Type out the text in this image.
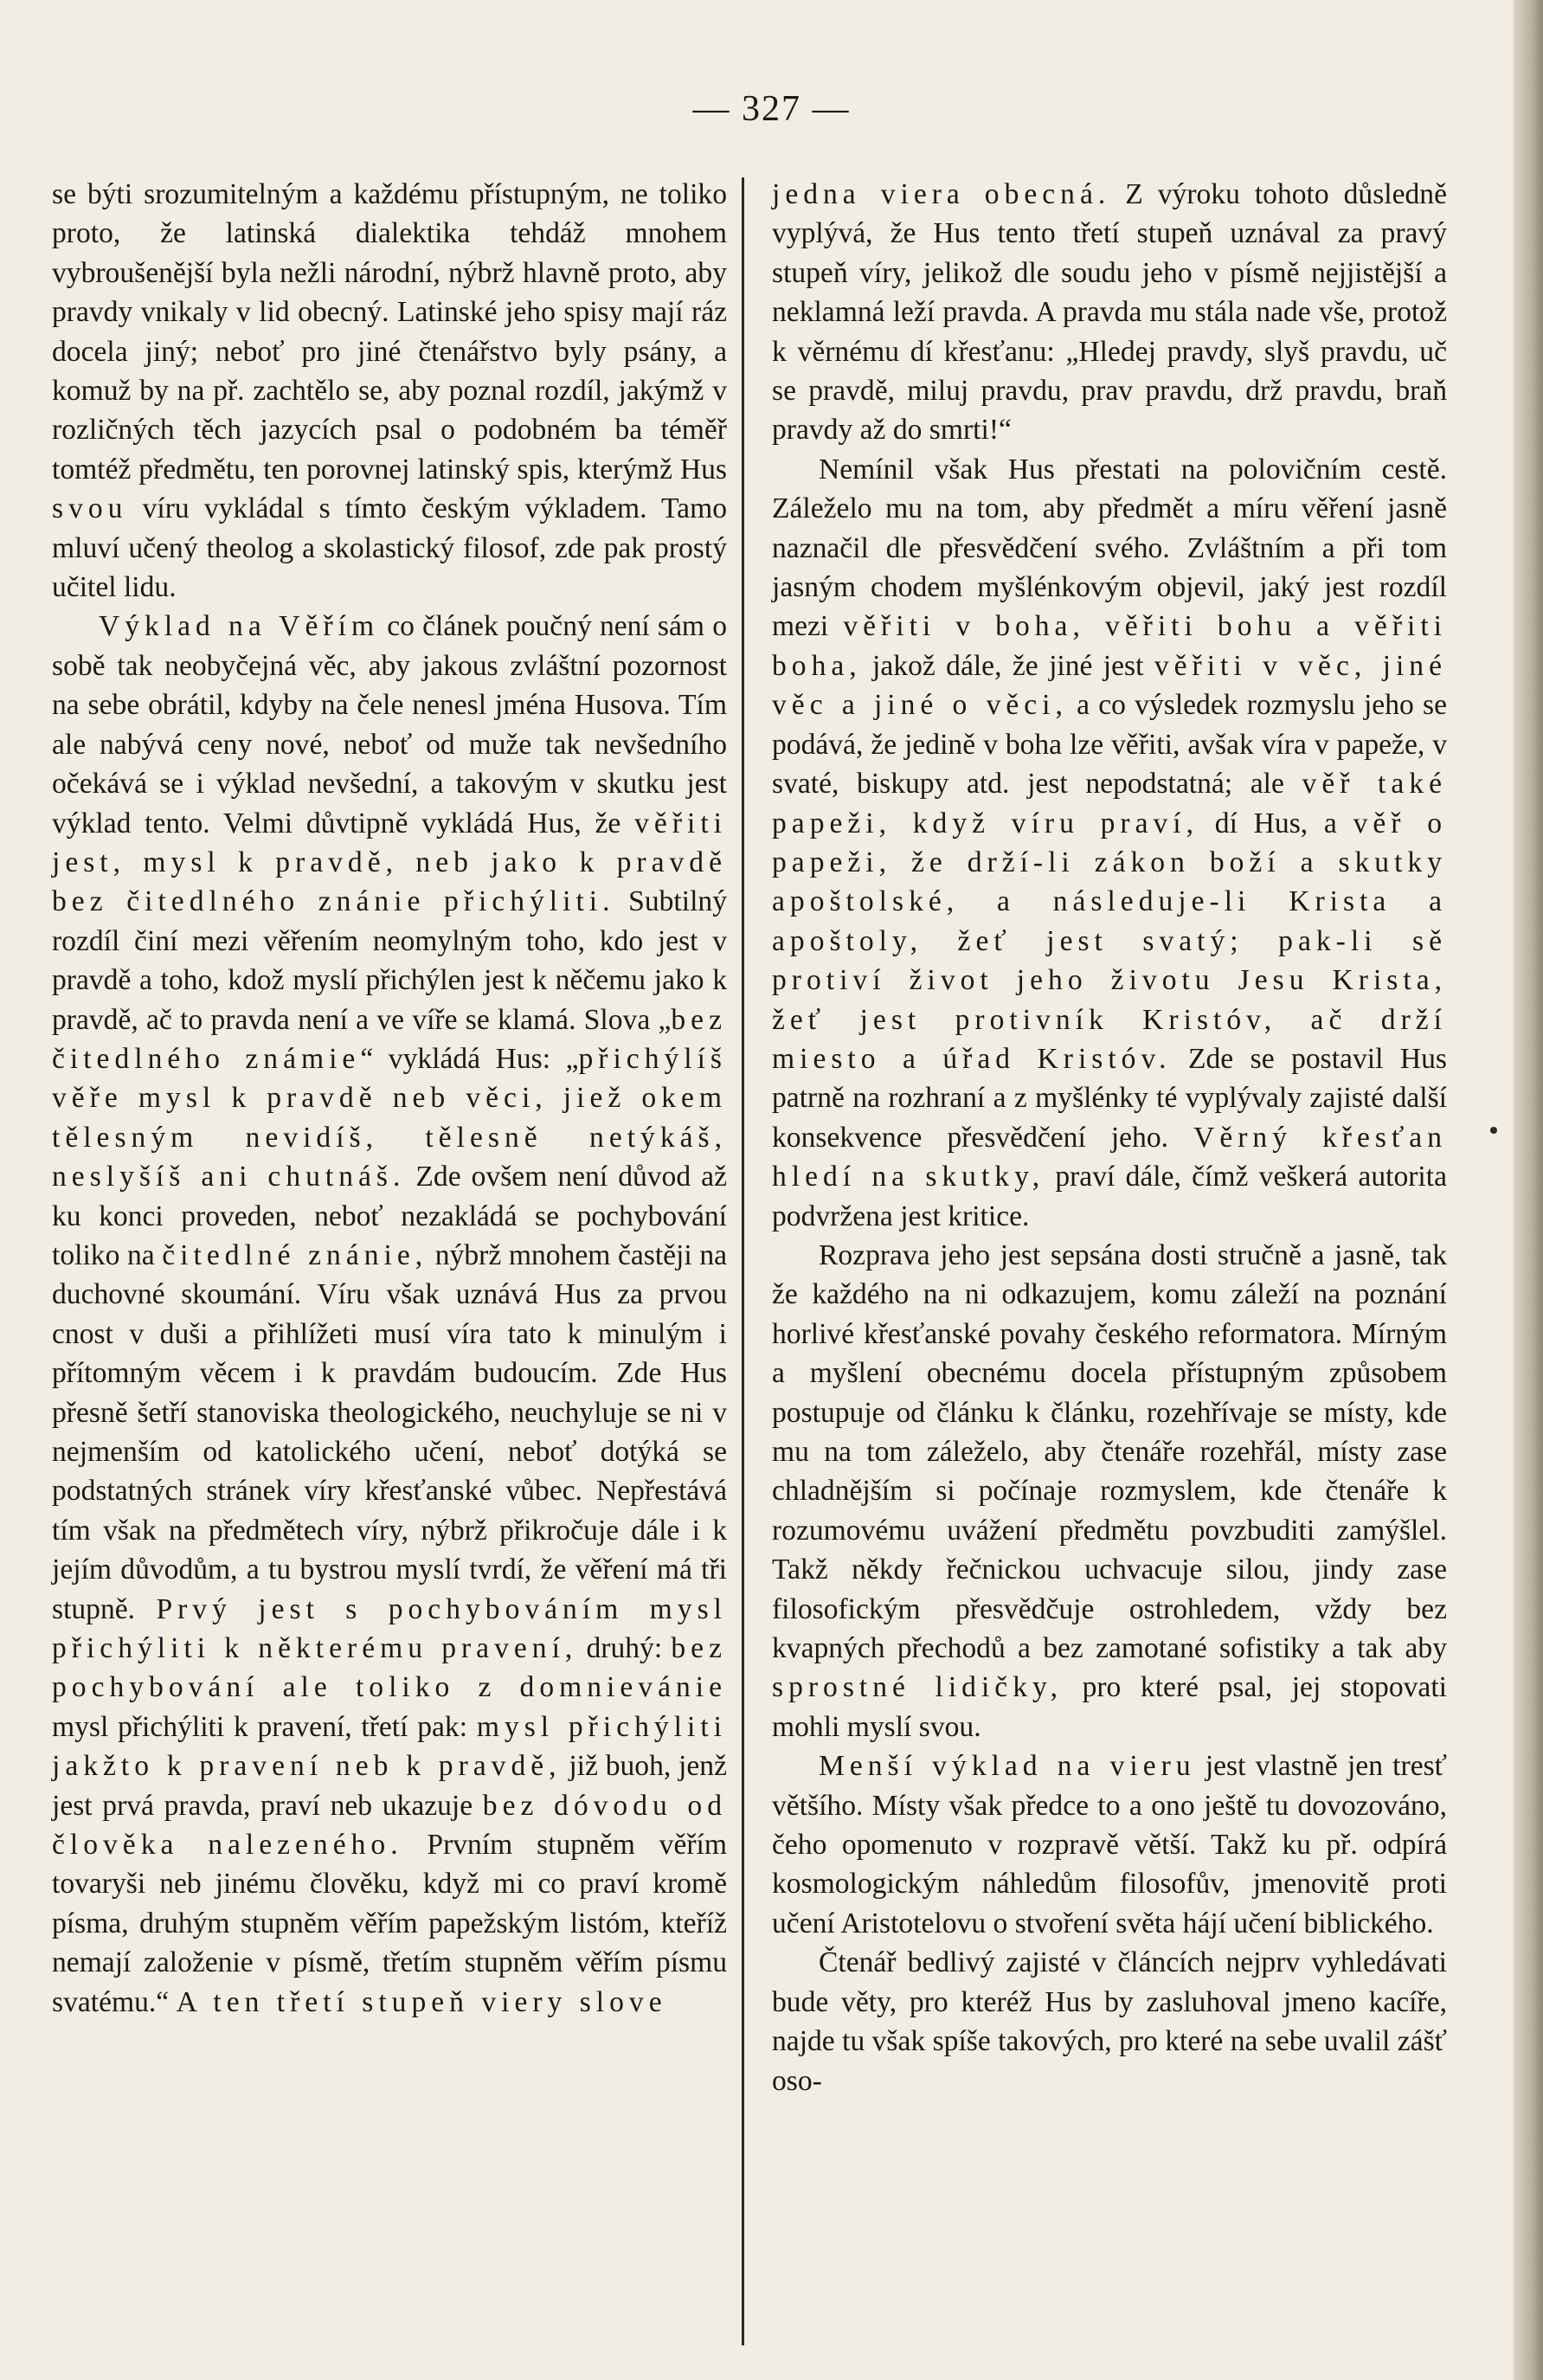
— 327 —

se býti srozumitelným a každému přístupným, ne toliko proto, že latinská dialektika tehdáž mnohem vybroušenější byla nežli národní, nýbrž hlavně proto, aby pravdy vnikaly v lid obecný. Latinské jeho spisy mají ráz docela jiný; neboť pro jiné čtenářstvo byly psány, a komuž by na př. zachtělo se, aby poznal rozdíl, jakýmž v rozličných těch jazycích psal o podobném ba téměř tomtéž předmětu, ten porovnej latinský spis, kterýmž Hus svou víru vykládal s tímto českým výkladem. Tamo mluví učený theolog a skolastický filosof, zde pak prostý učitel lidu.

Výklad na Věřím co článek poučný není sám o sobě tak neobyčejná věc, aby jakous zvláštní pozornost na sebe obrátil, kdyby na čele nenesl jména Husova. Tím ale nabývá ceny nové, neboť od muže tak nevšedního očekává se i výklad nevšední, a takovým v skutku jest výklad tento. Velmi důvtipně vykládá Hus, že věřiti jest, mysl k pravdě, neb jako k pravdě bez čitedlného znánie přichýliti. Subtilný rozdíl činí mezi věřením neomylným toho, kdo jest v pravdě a toho, kdož myslí přichýlen jest k něčemu jako k pravdě, ač to pravda není a ve víře se klamá. Slova „bez čitedlného známie“ vykládá Hus: „přichýlíš věře mysl k pravdě neb věci, jiež okem tělesným nevidíš, tělesně netýkáš, neslyšíš ani chutnáš. Zde ovšem není důvod až ku konci proveden, neboť nezakládá se pochybování toliko na čitedlné znánie, nýbrž mnohem častěji na duchovné skoumání. Víru však uznává Hus za prvou cnost v duši a přihlížeti musí víra tato k minulým i přítomným věcem i k pravdám budoucím. Zde Hus přesně šetří stanoviska theologického, neuchyluje se ni v nejmenším od katolického učení, neboť dotýká se podstatných stránek víry křesťanské vůbec. Nepřestává tím však na předmětech víry, nýbrž přikročuje dále i k jejím důvodům, a tu bystrou myslí tvrdí, že věření má tři stupně. Prvý jest s pochybováním mysl přichýliti k některému pravení, druhý: bez pochybování ale toliko z domnievánie mysl přichýliti k pravení, třetí pak: mysl přichýliti jakžto k pravení neb k pravdě, již buoh, jenž jest prvá pravda, praví neb ukazuje bez dóvodu od člověka nalezeného. Prvním stupněm věřím tovaryši neb jinému člověku, když mi co praví kromě písma, druhým stupněm věřím papežským listóm, kteříž nemají založenie v písmě, třetím stupněm věřím písmu svatému.“ A ten třetí stupeň viery slove

jedna viera obecná. Z výroku tohoto důsledně vyplývá, že Hus tento třetí stupeň uznával za pravý stupeň víry, jelikož dle soudu jeho v písmě nejjistější a neklamná leží pravda. A pravda mu stála nade vše, protož k věrnému dí křesťanu: „Hledej pravdy, slyš pravdu, uč se pravdě, miluj pravdu, prav pravdu, drž pravdu, braň pravdy až do smrti!“

Nemínil však Hus přestati na polovičním cestě. Záleželo mu na tom, aby předmět a míru věření jasně naznačil dle přesvědčení svého. Zvláštním a při tom jasným chodem myšlénkovým objevil, jaký jest rozdíl mezi věřiti v boha, věřiti bohu a věřiti boha, jakož dále, že jiné jest věřiti v věc, jiné věc a jiné o věci, a co výsledek rozmyslu jeho se podává, že jedině v boha lze věřiti, avšak víra v papeže, v svaté, biskupy atd. jest nepodstatná; ale věř také papeži, když víru praví, dí Hus, a věř o papeži, že drží-li zákon boží a skutky apoštolské, a následuje-li Krista a apoštoly, žeť jest svatý; pak-li sě protiví život jeho životu Jesu Krista, žeť jest protivník Kristóv, ač drží miesto a úřad Kristóv. Zde se postavil Hus patrně na rozhraní a z myšlénky té vyplývaly zajisté další konsekvence přesvědčení jeho. Věrný křesťan hledí na skutky, praví dále, čímž veškerá autorita podvržena jest kritice.

Rozprava jeho jest sepsána dosti stručně a jasně, tak že každého na ni odkazujem, komu záleží na poznání horlivé křesťanské povahy českého reformatora. Mírným a myšlení obecnému docela přístupným způsobem postupuje od článku k článku, rozehřívaje se místy, kde mu na tom záleželo, aby čtenáře rozehřál, místy zase chladnějším si počínaje rozmyslem, kde čtenáře k rozumovému uvážení předmětu povzbuditi zamýšlel. Takž někdy řečnickou uchvacuje silou, jindy zase filosofickým přesvědčuje ostrohledem, vždy bez kvapných přechodů a bez zamotané sofistiky a tak aby sprostné lidičky, pro které psal, jej stopovati mohli myslí svou.

Menší výklad na vieru jest vlastně jen tresť většího. Místy však předce to a ono ještě tu dovozováno, čeho opomenuto v rozpravě větší. Takž ku př. odpírá kosmologickým náhledům filosofův, jmenovitě proti učení Aristotelovu o stvoření světa hájí učení biblického.

Čtenář bedlivý zajisté v článcích nejprv vyhledávati bude věty, pro kteréž Hus by zasluhoval jmeno kacíře, najde tu však spíše takových, pro které na sebe uvalil zášť oso-
